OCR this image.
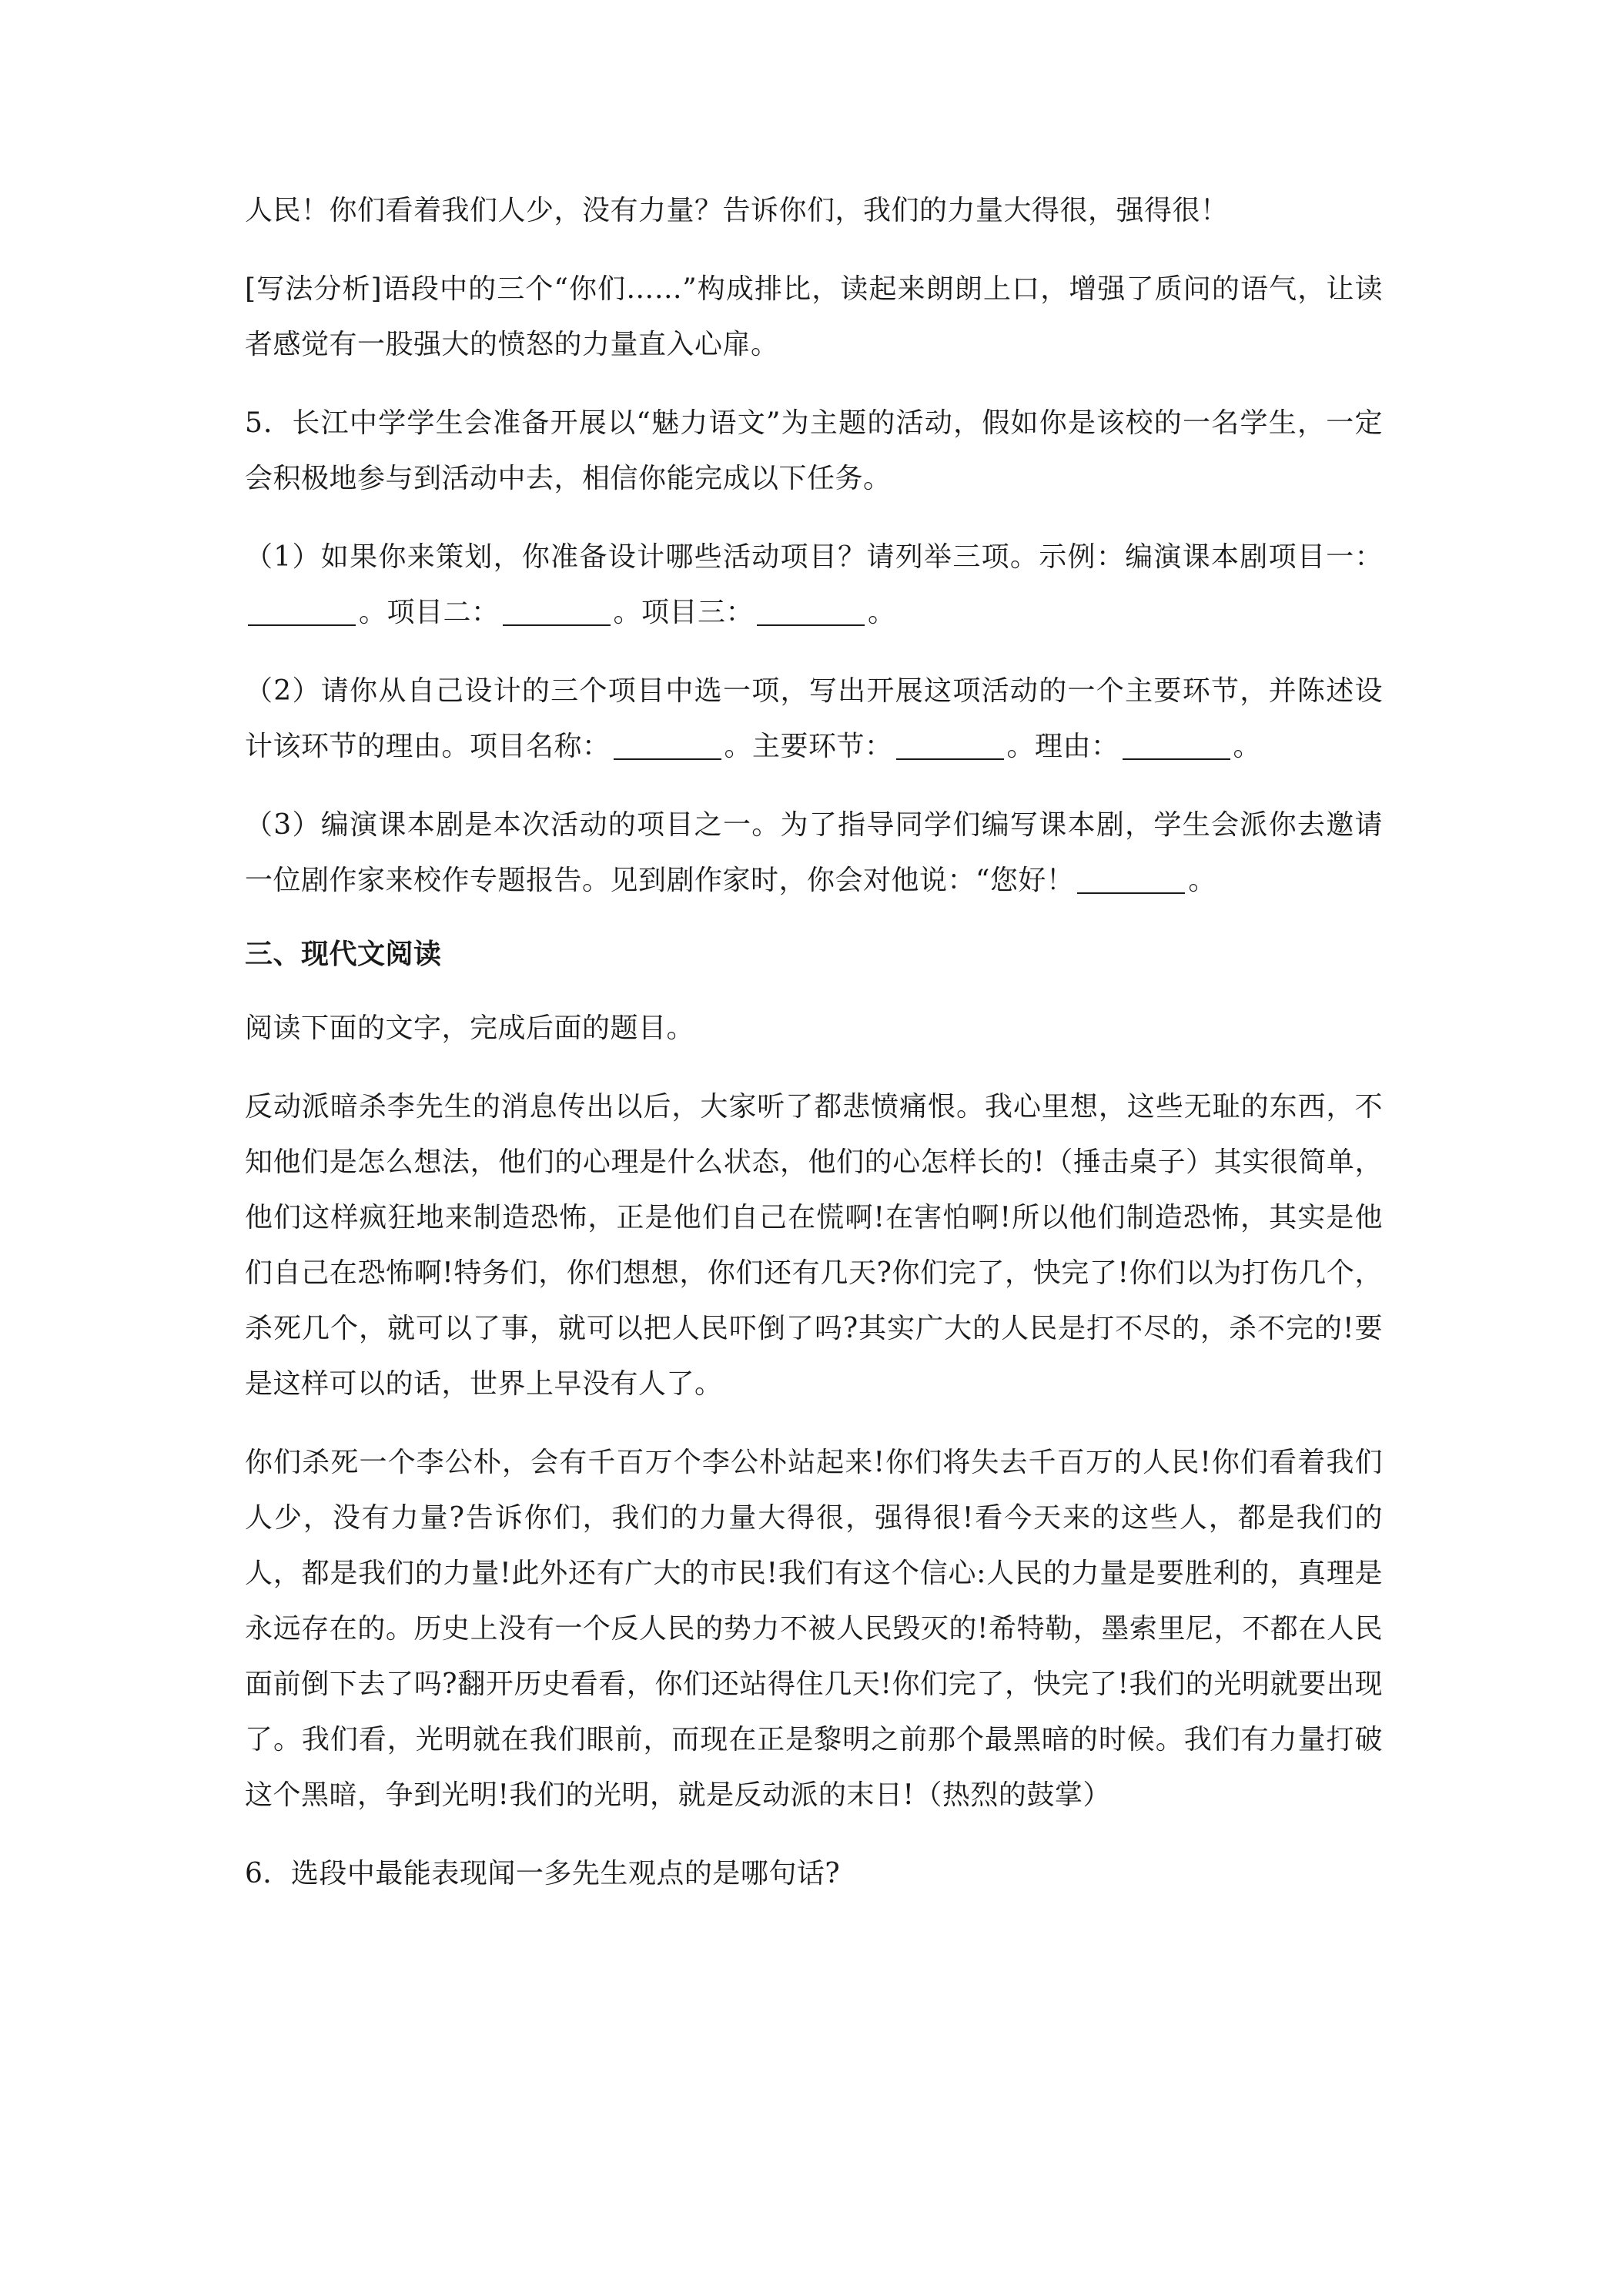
人民！你们看着我们人少，没有力量？告诉你们，我们的力量大得很，强得很！

[写法分析]语段中的三个“你们……”构成排比，读起来朗朗上口，增强了质问的语气，让读者感觉有一股强大的愤怒的力量直入心扉。

5．长江中学学生会准备开展以“魅力语文”为主题的活动，假如你是该校的一名学生，一定会积极地参与到活动中去，相信你能完成以下任务。

（1）如果你来策划，你准备设计哪些活动项目？请列举三项。示例：编演课本剧项目一：。项目二：	。项目三：	。

（2）请你从自己设计的三个项目中选一项，写出开展这项活动的一个主要环节，并陈述设计该环节的理由。项目名称：	。主要环节：	。理由：	。

（3）编演课本剧是本次活动的项目之一。为了指导同学们编写课本剧，学生会派你去邀请一位剧作家来校作专题报告。见到剧作家时，你会对他说：“您好！	。

三、现代文阅读

阅读下面的文字，完成后面的题目。

反动派暗杀李先生的消息传出以后，大家听了都悲愤痛恨。我心里想，这些无耻的东西，不知他们是怎么想法，他们的心理是什么状态，他们的心怎样长的!（捶击桌子）其实很简单，他们这样疯狂地来制造恐怖，正是他们自己在慌啊!在害怕啊!所以他们制造恐怖，其实是他们自己在恐怖啊!特务们，你们想想，你们还有几天?你们完了，快完了!你们以为打伤几个，杀死几个，就可以了事，就可以把人民吓倒了吗?其实广大的人民是打不尽的，杀不完的!要是这样可以的话，世界上早没有人了。

你们杀死一个李公朴，会有千百万个李公朴站起来!你们将失去千百万的人民!你们看着我们人少，没有力量?告诉你们，我们的力量大得很，强得很!看今天来的这些人，都是我们的人，都是我们的力量!此外还有广大的市民!我们有这个信心:人民的力量是要胜利的，真理是永远存在的。历史上没有一个反人民的势力不被人民毁灭的!希特勒，墨索里尼，不都在人民面前倒下去了吗?翻开历史看看，你们还站得住几天!你们完了，快完了!我们的光明就要出现了。我们看，光明就在我们眼前，而现在正是黎明之前那个最黑暗的时候。我们有力量打破这个黑暗，争到光明!我们的光明，就是反动派的末日!（热烈的鼓掌）

6．选段中最能表现闻一多先生观点的是哪句话?
